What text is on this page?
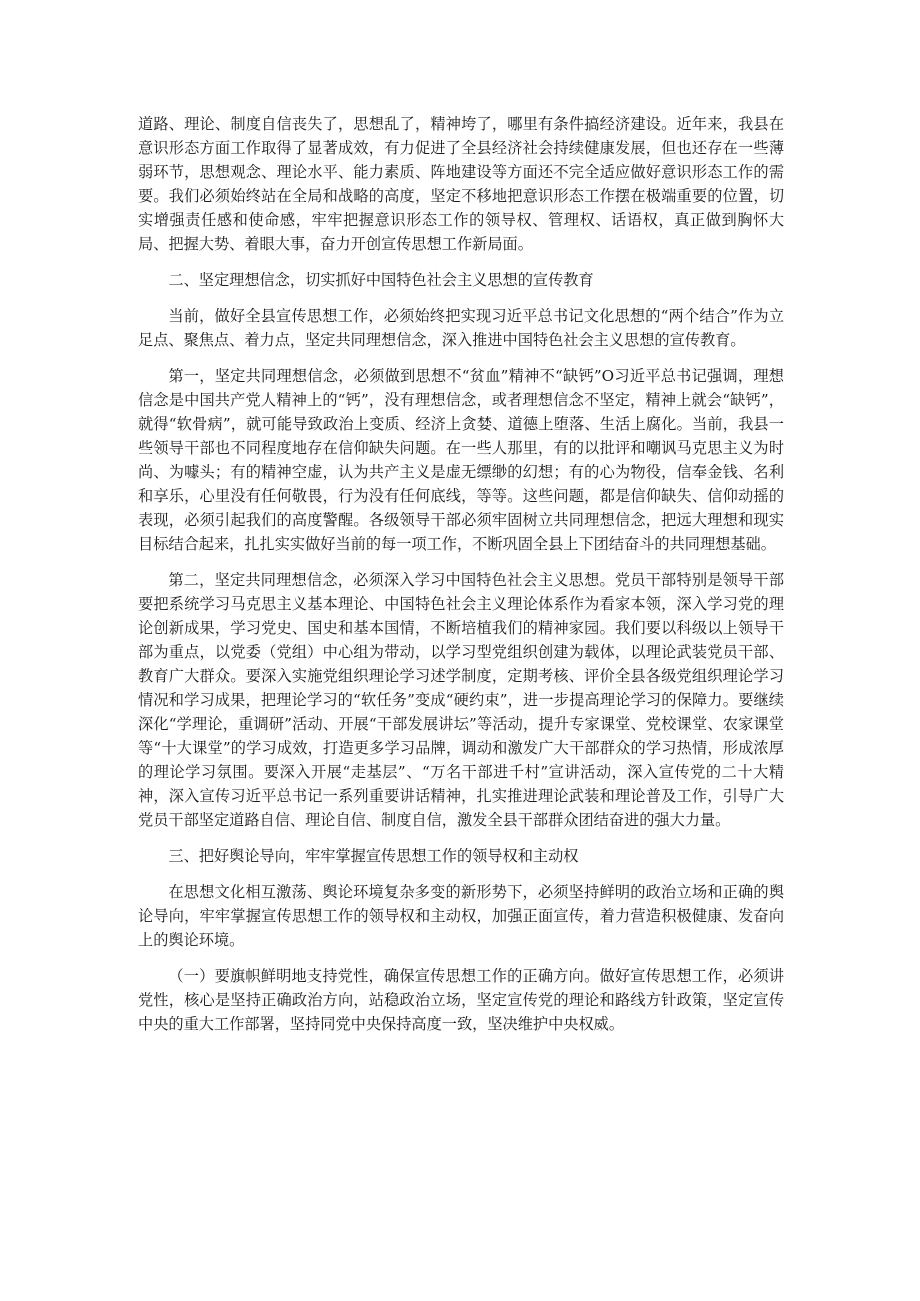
道路、理论、制度自信丧失了，思想乱了，精神垮了，哪里有条件搞经济建设。近年来，我县在意识形态方面工作取得了显著成效，有力促进了全县经济社会持续健康发展，但也还存在一些薄弱环节，思想观念、理论水平、能力素质、阵地建设等方面还不完全适应做好意识形态工作的需要。我们必须始终站在全局和战略的高度，坚定不移地把意识形态工作摆在极端重要的位置，切实增强责任感和使命感，牢牢把握意识形态工作的领导权、管理权、话语权，真正做到胸怀大局、把握大势、着眼大事，奋力开创宣传思想工作新局面。

二、坚定理想信念，切实抓好中国特色社会主义思想的宣传教育

当前，做好全县宣传思想工作，必须始终把实现习近平总书记文化思想的“两个结合”作为立足点、聚焦点、着力点，坚定共同理想信念，深入推进中国特色社会主义思想的宣传教育。

第一，坚定共同理想信念，必须做到思想不“贫血”精神不“缺钙”O习近平总书记强调，理想信念是中国共产党人精神上的“钙”，没有理想信念，或者理想信念不坚定，精神上就会“缺钙”，就得“软骨病”，就可能导致政治上变质、经济上贪婪、道德上堕落、生活上腐化。当前，我县一些领导干部也不同程度地存在信仰缺失问题。在一些人那里，有的以批评和嘲讽马克思主义为时尚、为噱头；有的精神空虚，认为共产主义是虚无缥缈的幻想；有的心为物役，信奉金钱、名利和享乐，心里没有任何敬畏，行为没有任何底线，等等。这些问题，都是信仰缺失、信仰动摇的表现，必须引起我们的高度警醒。各级领导干部必须牢固树立共同理想信念，把远大理想和现实目标结合起来，扎扎实实做好当前的每一项工作，不断巩固全县上下团结奋斗的共同理想基础。

第二，坚定共同理想信念，必须深入学习中国特色社会主义思想。党员干部特别是领导干部要把系统学习马克思主义基本理论、中国特色社会主义理论体系作为看家本领，深入学习党的理论创新成果，学习党史、国史和基本国情，不断培植我们的精神家园。我们要以科级以上领导干部为重点，以党委（党组）中心组为带动，以学习型党组织创建为载体，以理论武装党员干部、教育广大群众。要深入实施党组织理论学习述学制度，定期考核、评价全县各级党组织理论学习情况和学习成果，把理论学习的“软任务”变成“硬约束”，进一步提高理论学习的保障力。要继续深化“学理论，重调研”活动、开展“干部发展讲坛”等活动，提升专家课堂、党校课堂、农家课堂等“十大课堂”的学习成效，打造更多学习品牌，调动和激发广大干部群众的学习热情，形成浓厚的理论学习氛围。要深入开展“走基层”、“万名干部进千村”宣讲活动，深入宣传党的二十大精神，深入宣传习近平总书记一系列重要讲话精神，扎实推进理论武装和理论普及工作，引导广大党员干部坚定道路自信、理论自信、制度自信，激发全县干部群众团结奋进的强大力量。

三、把好舆论导向，牢牢掌握宣传思想工作的领导权和主动权

在思想文化相互激荡、舆论环境复杂多变的新形势下，必须坚持鲜明的政治立场和正确的舆论导向，牢牢掌握宣传思想工作的领导权和主动权，加强正面宣传，着力营造积极健康、发奋向上的舆论环境。

（一）要旗帜鲜明地支持党性，确保宣传思想工作的正确方向。做好宣传思想工作，必须讲党性，核心是坚持正确政治方向，站稳政治立场，坚定宣传党的理论和路线方针政策，坚定宣传中央的重大工作部署，坚持同党中央保持高度一致，坚决维护中央权威。
